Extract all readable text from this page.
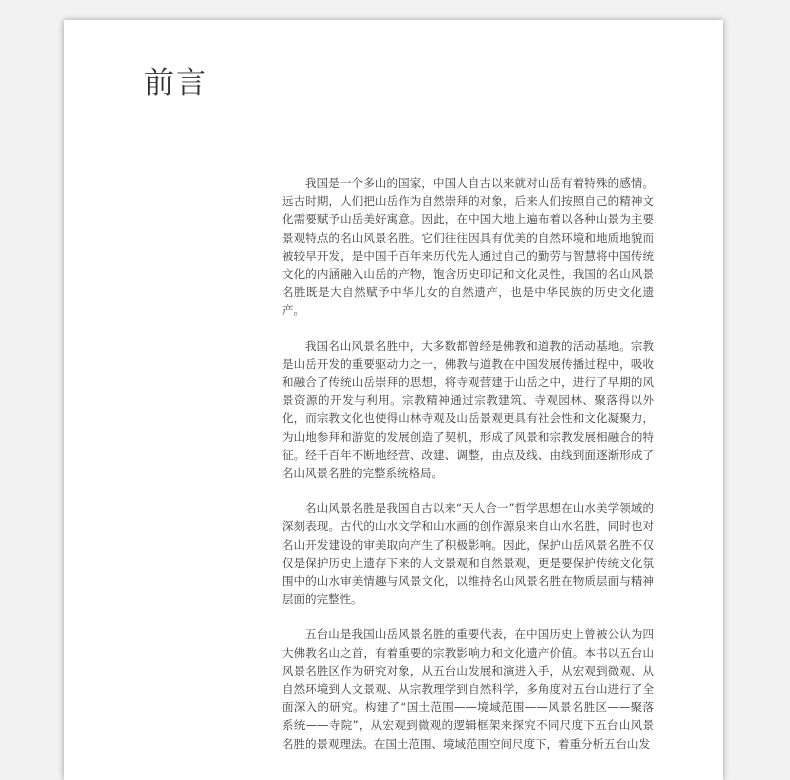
前言

我国是一个多山的国家，中国人自古以来就对山岳有着特殊的感情。远古时期，人们把山岳作为自然崇拜的对象，后来人们按照自己的精神文化需要赋予山岳美好寓意。因此，在中国大地上遍布着以各种山景为主要景观特点的名山风景名胜。它们往往因具有优美的自然环境和地质地貌而被较早开发，是中国千百年来历代先人通过自己的勤劳与智慧将中国传统文化的内涵融入山岳的产物，饱含历史印记和文化灵性，我国的名山风景名胜既是大自然赋予中华儿女的自然遗产，也是中华民族的历史文化遗产。

我国名山风景名胜中，大多数都曾经是佛教和道教的活动基地。宗教是山岳开发的重要驱动力之一，佛教与道教在中国发展传播过程中，吸收和融合了传统山岳崇拜的思想，将寺观营建于山岳之中，进行了早期的风景资源的开发与利用。宗教精神通过宗教建筑、寺观园林、聚落得以外化，而宗教文化也使得山林寺观及山岳景观更具有社会性和文化凝聚力，为山地参拜和游览的发展创造了契机，形成了风景和宗教发展相融合的特征。经千百年不断地经营、改建、调整，由点及线、由线到面逐渐形成了名山风景名胜的完整系统格局。

名山风景名胜是我国自古以来“天人合一”哲学思想在山水美学领域的深刻表现。古代的山水文学和山水画的创作源泉来自山水名胜，同时也对名山开发建设的审美取向产生了积极影响。因此，保护山岳风景名胜不仅仅是保护历史上遗存下来的人文景观和自然景观，更是要保护传统文化氛围中的山水审美情趣与风景文化，以维持名山风景名胜在物质层面与精神层面的完整性。

五台山是我国山岳风景名胜的重要代表，在中国历史上曾被公认为四大佛教名山之首，有着重要的宗教影响力和文化遗产价值。本书以五台山风景名胜区作为研究对象，从五台山发展和演进入手，从宏观到微观、从自然环境到人文景观、从宗教理学到自然科学，多角度对五台山进行了全面深入的研究。构建了“国土范围——境域范围——风景名胜区——聚落系统——寺院”，从宏观到微观的逻辑框架来探究不同尺度下五台山风景名胜的景观理法。在国土范围、境域范围空间尺度下，着重分析五台山发
